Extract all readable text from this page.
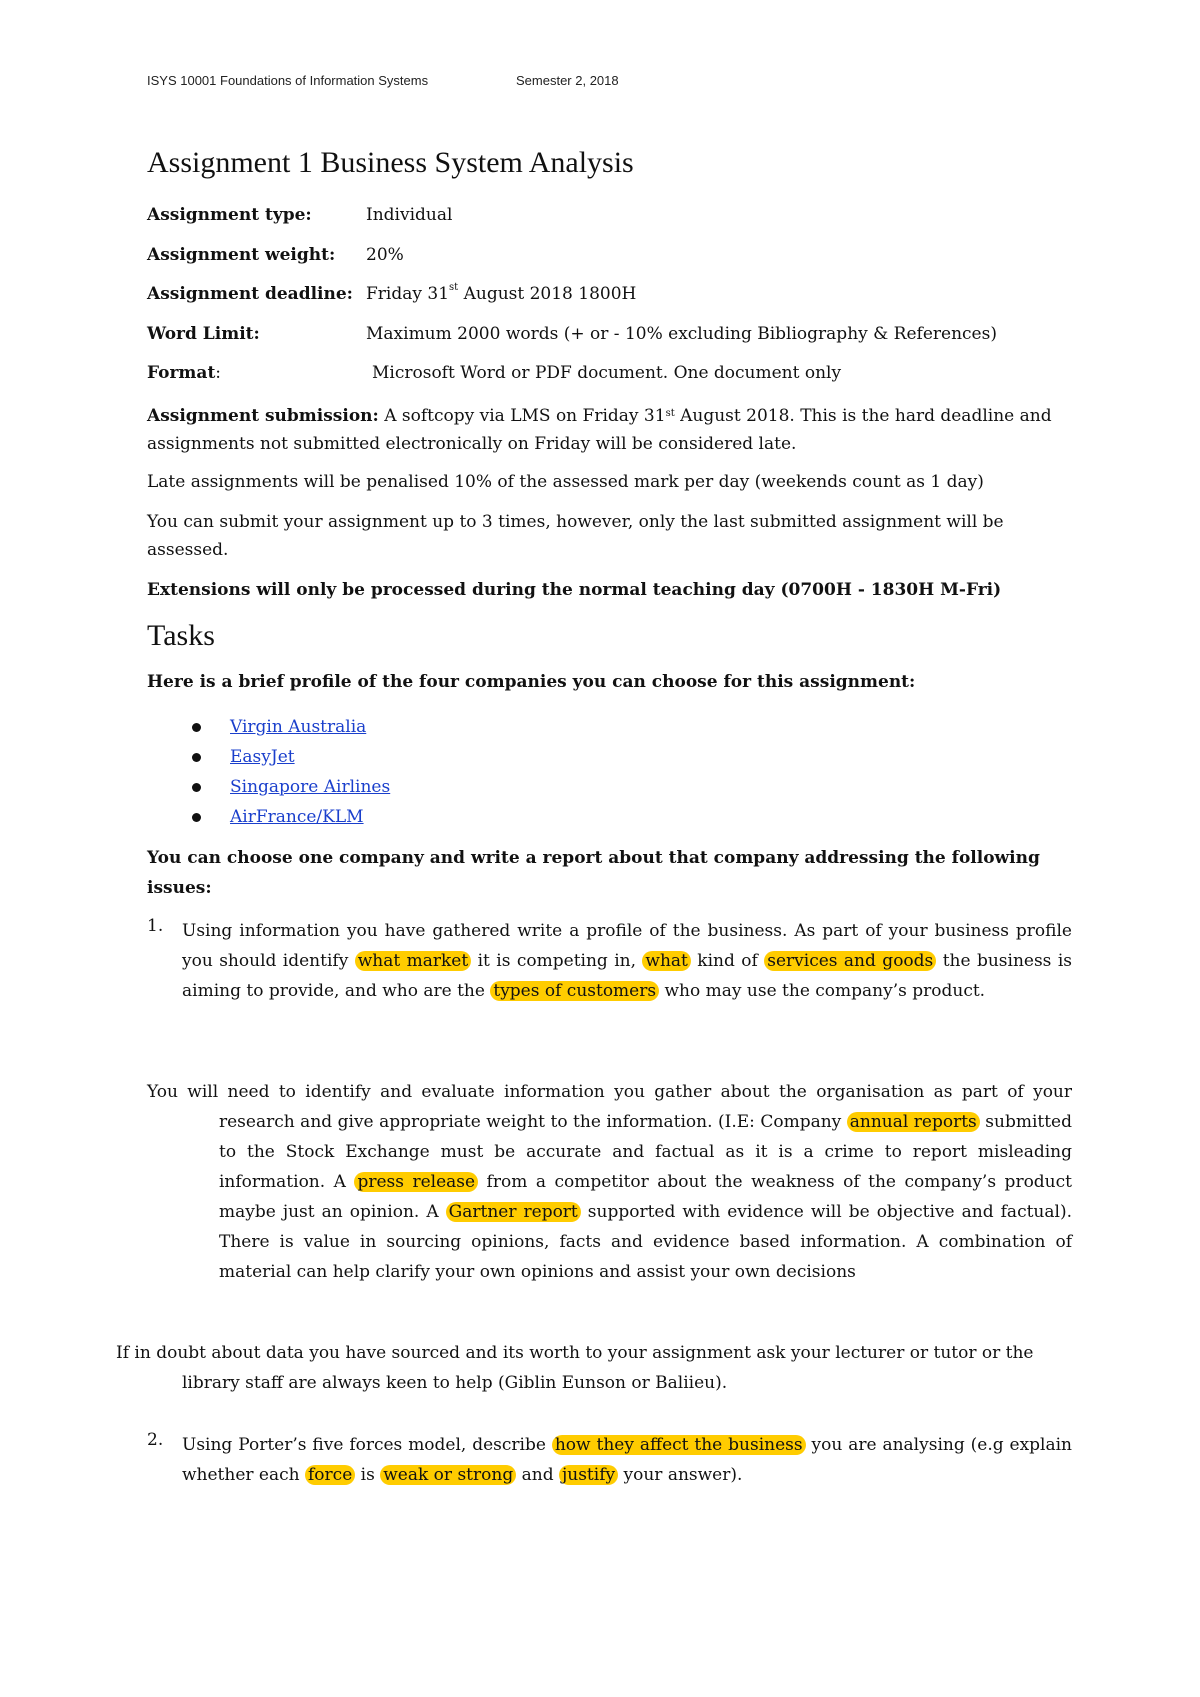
ISYS 10001 Foundations of Information Systems	Semester 2, 2018
Assignment 1 Business System Analysis
Assignment type:	Individual
Assignment weight: 20%
Assignment deadline: Friday 31st August 2018 1800H
Word Limit:	Maximum 2000 words (+ or - 10% excluding Bibliography & References)
Format:	Microsoft Word or PDF document. One document only
Assignment submission: A softcopy via LMS on Friday 31st August 2018. This is the hard deadline and assignments not submitted electronically on Friday will be considered late.
Late assignments will be penalised 10% of the assessed mark per day (weekends count as 1 day)
You can submit your assignment up to 3 times, however, only the last submitted assignment will be assessed.
Extensions will only be processed during the normal teaching day (0700H - 1830H M-Fri)
Tasks
Here is a brief profile of the four companies you can choose for this assignment:
Virgin Australia
EasyJet
Singapore Airlines
AirFrance/KLM
You can choose one company and write a report about that company addressing the following issues:
1. Using information you have gathered write a profile of the business. As part of your business profile you should identify what market it is competing in, what kind of services and goods the business is aiming to provide, and who are the types of customers who may use the company’s product.
You will need to identify and evaluate information you gather about the organisation as part of your research and give appropriate weight to the information. (I.E: Company annual reports submitted to the Stock Exchange must be accurate and factual as it is a crime to report misleading information. A press release from a competitor about the weakness of the company’s product maybe just an opinion. A Gartner report supported with evidence will be objective and factual). There is value in sourcing opinions, facts and evidence based information. A combination of material can help clarify your own opinions and assist your own decisions
If in doubt about data you have sourced and its worth to your assignment ask your lecturer or tutor or the library staff are always keen to help (Giblin Eunson or Baliieu).
2. Using Porter’s five forces model, describe how they affect the business you are analysing (e.g explain whether each force is weak or strong and justify your answer).
